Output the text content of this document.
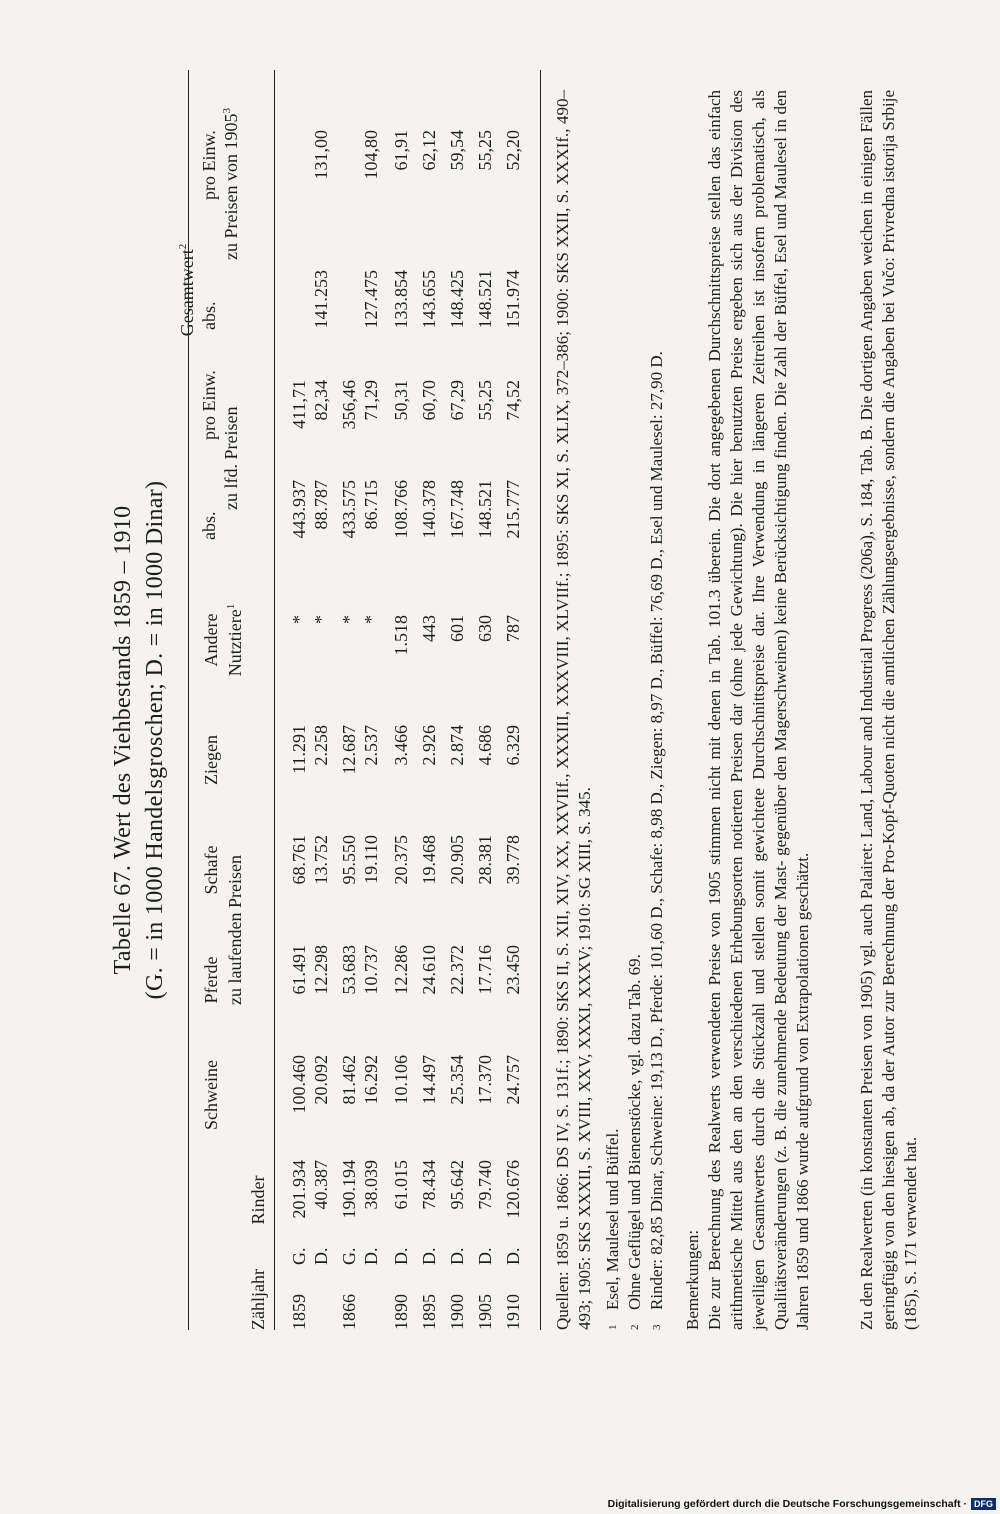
Tabelle 67. Wert des Viehbestands 1859 – 1910 (G. = in 1000 Handelsgroschen; D. = in 1000 Dinar)
Zähljahr
Rinder
Schweine
Pferde zu laufenden Preisen
Schafe
Ziegen
Andere Nutztiere$^1$
Gesamtwert$^2$
abs.
pro Einw.
zu lfd. Preisen
abs.
pro Einw. zu Preisen von 1905$^3$
1859
G.
201.934
100.460
61.491
68.761
11.291
*
443.937
411,71
D.
40.387
20.092
12.298
13.752
2.258
*
88.787
82,34
141.253
131,00
1866
G.
190.194
81.462
53.683
95.550
12.687
*
433.575
356,46
D.
38.039
16.292
10.737
19.110
2.537
*
86.715
71,29
127.475
104,80
1890
D.
61.015
10.106
12.286
20.375
3.466
1.518
108.766
50,31
133.854
61,91
1895
D.
78.434
14.497
24.610
19.468
2.926
443
140.378
60,70
143.655
62,12
1900
D.
95.642
25.354
22.372
20.905
2.874
601
167.748
67,29
148.425
59,54
1905
D.
79.740
17.370
17.716
28.381
4.686
630
148.521
55,25
148.521
55,25
1910
D.
120.676
24.757
23.450
39.778
6.329
787
215.777
74,52
151.974
52,20 Quellen: 1859 u. 1866: DS IV, S. 131f.; 1890: SKS II, S. XII, XIV, XX, XXVIIf., XXXIII, XXXVIII, XLVIIf.; 1895: SKS XI, S. XLIX, 372–386; 1900: SKS XXII, S. XXXIf., 490–493; 1905: SKS XXXII, S. XVIII, XXV, XXXI, XXXV; 1910: SG XIII, S. 345.	1Esel, Maulesel und Büffel.
2Ohne Geflügel und Bienenstöcke, vgl. dazu Tab. 69.
3Rinder: 82,85 Dinar, Schweine: 19,13 D., Pferde: 101,60 D., Schafe: 8,98 D., Ziegen: 8,97 D., Büffel: 76,69 D., Esel und Maulesel: 27,90 D. Bemerkungen: Die zur Berechnung des Realwerts verwendeten Preise von 1905 stimmen nicht mit denen in Tab. 101.3 überein. Die dort angegebenen Durchschnittspreise stellen das einfach arithmetische Mittel aus den an den verschiedenen Erhebungsorten notierten Preisen dar (ohne jede Gewichtung). Die hier benutzten Preise ergeben sich aus der Division des jeweiligen Gesamtwertes durch die Stückzahl und stellen somit gewichtete Durchschnittspreise dar. Ihre Verwendung in längeren Zeitreihen ist insofern problematisch, als Qualitätsveränderungen (z. B. die zunehmende Bedeutung der Mast- gegenüber den Magerschweinen) keine Berücksichtigung finden. Die Zahl der Büffel, Esel und Maulesel in den Jahren 1859 und 1866 wurde aufgrund von Extrapolationen geschätzt.	Zu den Realwerten (in konstanten Preisen von 1905) vgl. auch Palairet: Land, Labour and Industrial Progress (206a), S. 184, Tab. B. Die dortigen Angaben weichen in einigen Fällen geringfügig von den hiesigen ab, da der Autor zur Berechnung der Pro-Kopf-Quoten nicht die amtlichen Zählungsergebnisse, sondern die Angaben bei Vučo: Privredna istorija Srbije (185), S. 171 verwendet hat.
Digitalisierung gefördert durch die Deutsche Forschungsgemeinschaft · DFG
